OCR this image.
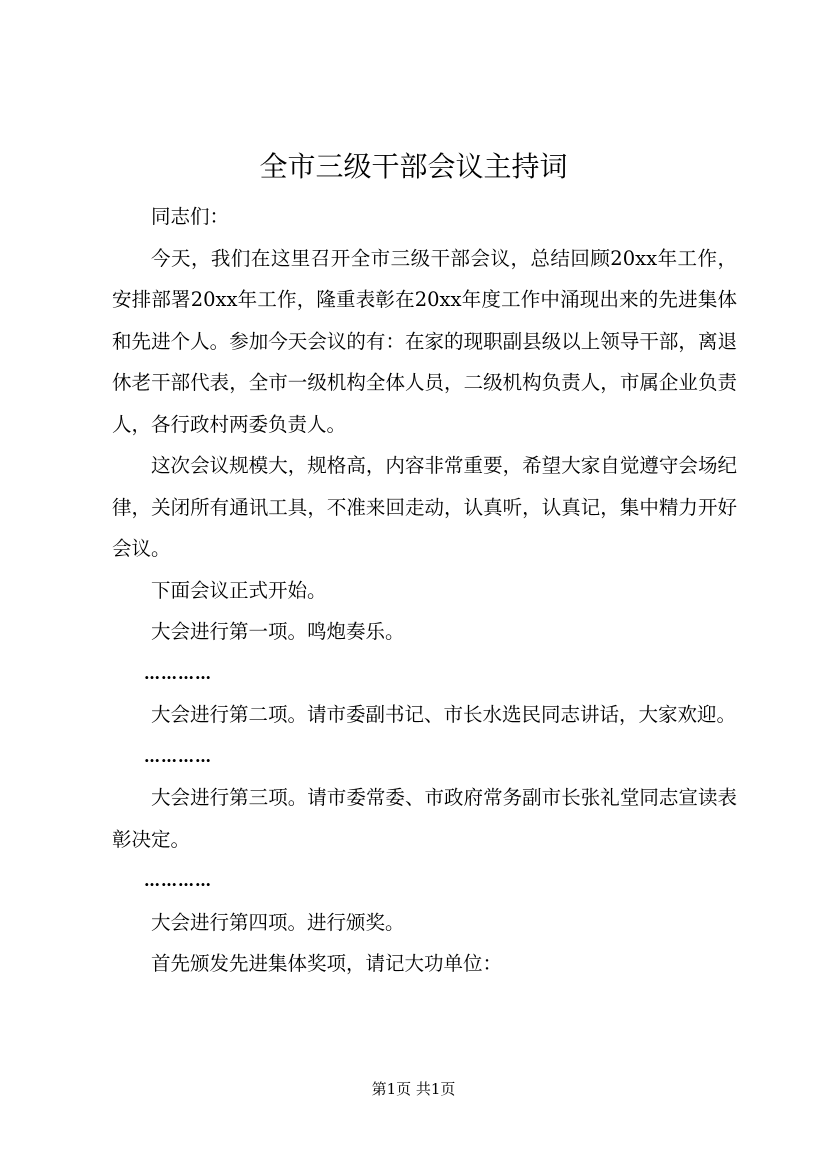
全市三级干部会议主持词

同志们：

今天，我们在这里召开全市三级干部会议，总结回顾20xx年工作，安排部署20xx年工作，隆重表彰在20xx年度工作中涌现出来的先进集体和先进个人。参加今天会议的有：在家的现职副县级以上领导干部，离退休老干部代表，全市一级机构全体人员，二级机构负责人，市属企业负责人，各行政村两委负责人。

这次会议规模大，规格高，内容非常重要，希望大家自觉遵守会场纪律，关闭所有通讯工具，不准来回走动，认真听，认真记，集中精力开好会议。

下面会议正式开始。

大会进行第一项。鸣炮奏乐。

…………

大会进行第二项。请市委副书记、市长水选民同志讲话，大家欢迎。

…………

大会进行第三项。请市委常委、市政府常务副市长张礼堂同志宣读表彰决定。

…………

大会进行第四项。进行颁奖。

首先颁发先进集体奖项，请记大功单位：

第1页 共1页
